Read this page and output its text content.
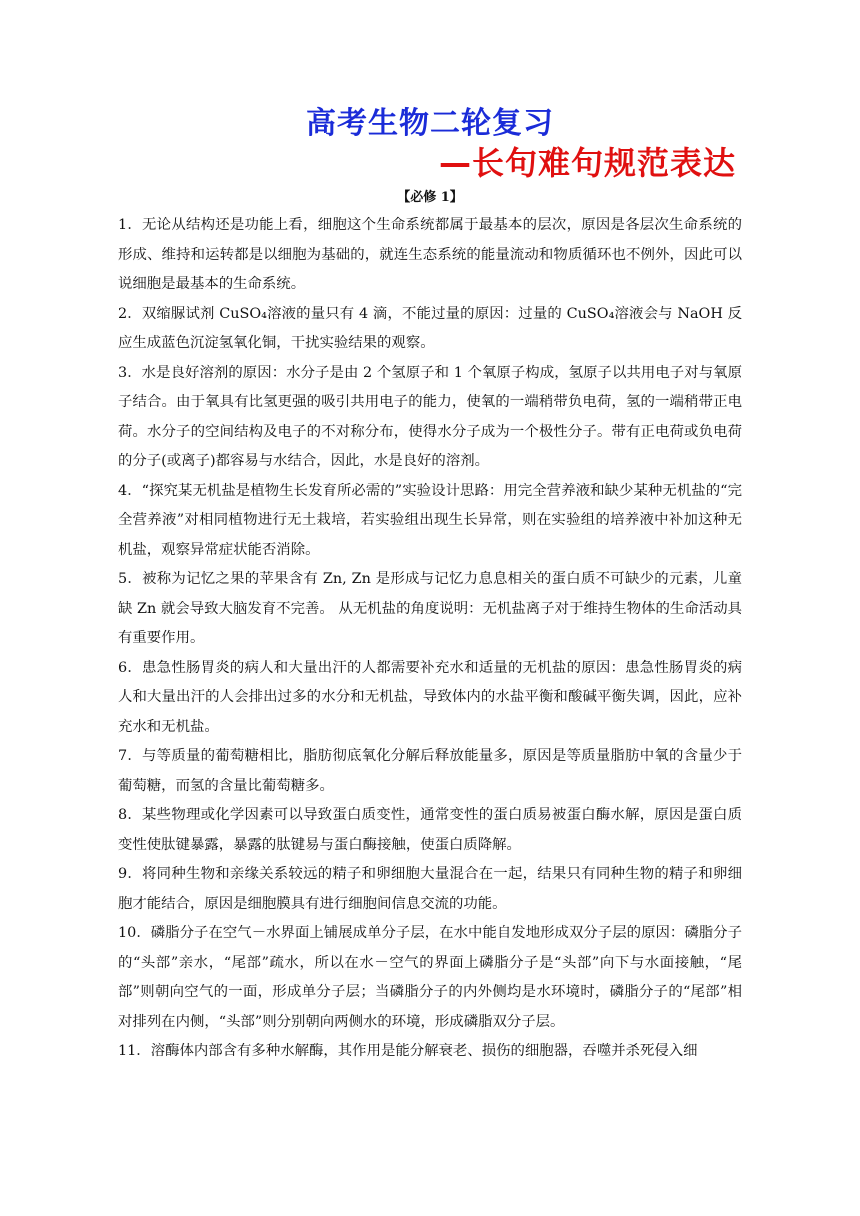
高考生物二轮复习
—长句难句规范表达
【必修 1】

1．无论从结构还是功能上看，细胞这个生命系统都属于最基本的层次，原因是各层次生命系统的形成、维持和运转都是以细胞为基础的，就连生态系统的能量流动和物质循环也不例外，因此可以说细胞是最基本的生命系统。

2．双缩脲试剂 CuSO₄溶液的量只有 4 滴，不能过量的原因：过量的 CuSO₄溶液会与 NaOH 反应生成蓝色沉淀氢氧化铜，干扰实验结果的观察。

3．水是良好溶剂的原因：水分子是由 2 个氢原子和 1 个氧原子构成，氢原子以共用电子对与氧原子结合。由于氧具有比氢更强的吸引共用电子的能力，使氧的一端稍带负电荷，氢的一端稍带正电荷。水分子的空间结构及电子的不对称分布，使得水分子成为一个极性分子。带有正电荷或负电荷的分子(或离子)都容易与水结合，因此，水是良好的溶剂。

4．“探究某无机盐是植物生长发育所必需的”实验设计思路：用完全营养液和缺少某种无机盐的“完全营养液”对相同植物进行无土栽培，若实验组出现生长异常，则在实验组的培养液中补加这种无机盐，观察异常症状能否消除。

5．被称为记忆之果的苹果含有 Zn, Zn 是形成与记忆力息息相关的蛋白质不可缺少的元素，儿童缺 Zn 就会导致大脑发育不完善。 从无机盐的角度说明：无机盐离子对于维持生物体的生命活动具有重要作用。

6．患急性肠胃炎的病人和大量出汗的人都需要补充水和适量的无机盐的原因：患急性肠胃炎的病人和大量出汗的人会排出过多的水分和无机盐，导致体内的水盐平衡和酸碱平衡失调，因此，应补充水和无机盐。

7．与等质量的葡萄糖相比，脂肪彻底氧化分解后释放能量多，原因是等质量脂肪中氧的含量少于葡萄糖，而氢的含量比葡萄糖多。

8．某些物理或化学因素可以导致蛋白质变性，通常变性的蛋白质易被蛋白酶水解，原因是蛋白质变性使肽键暴露，暴露的肽键易与蛋白酶接触，使蛋白质降解。

9．将同种生物和亲缘关系较远的精子和卵细胞大量混合在一起，结果只有同种生物的精子和卵细胞才能结合，原因是细胞膜具有进行细胞间信息交流的功能。

10．磷脂分子在空气－水界面上铺展成单分子层，在水中能自发地形成双分子层的原因：磷脂分子的“头部”亲水，“尾部”疏水，所以在水－空气的界面上磷脂分子是“头部”向下与水面接触，“尾部”则朝向空气的一面，形成单分子层；当磷脂分子的内外侧均是水环境时，磷脂分子的“尾部”相对排列在内侧，“头部”则分别朝向两侧水的环境，形成磷脂双分子层。

11．溶酶体内部含有多种水解酶，其作用是能分解衰老、损伤的细胞器，吞噬并杀死侵入细
